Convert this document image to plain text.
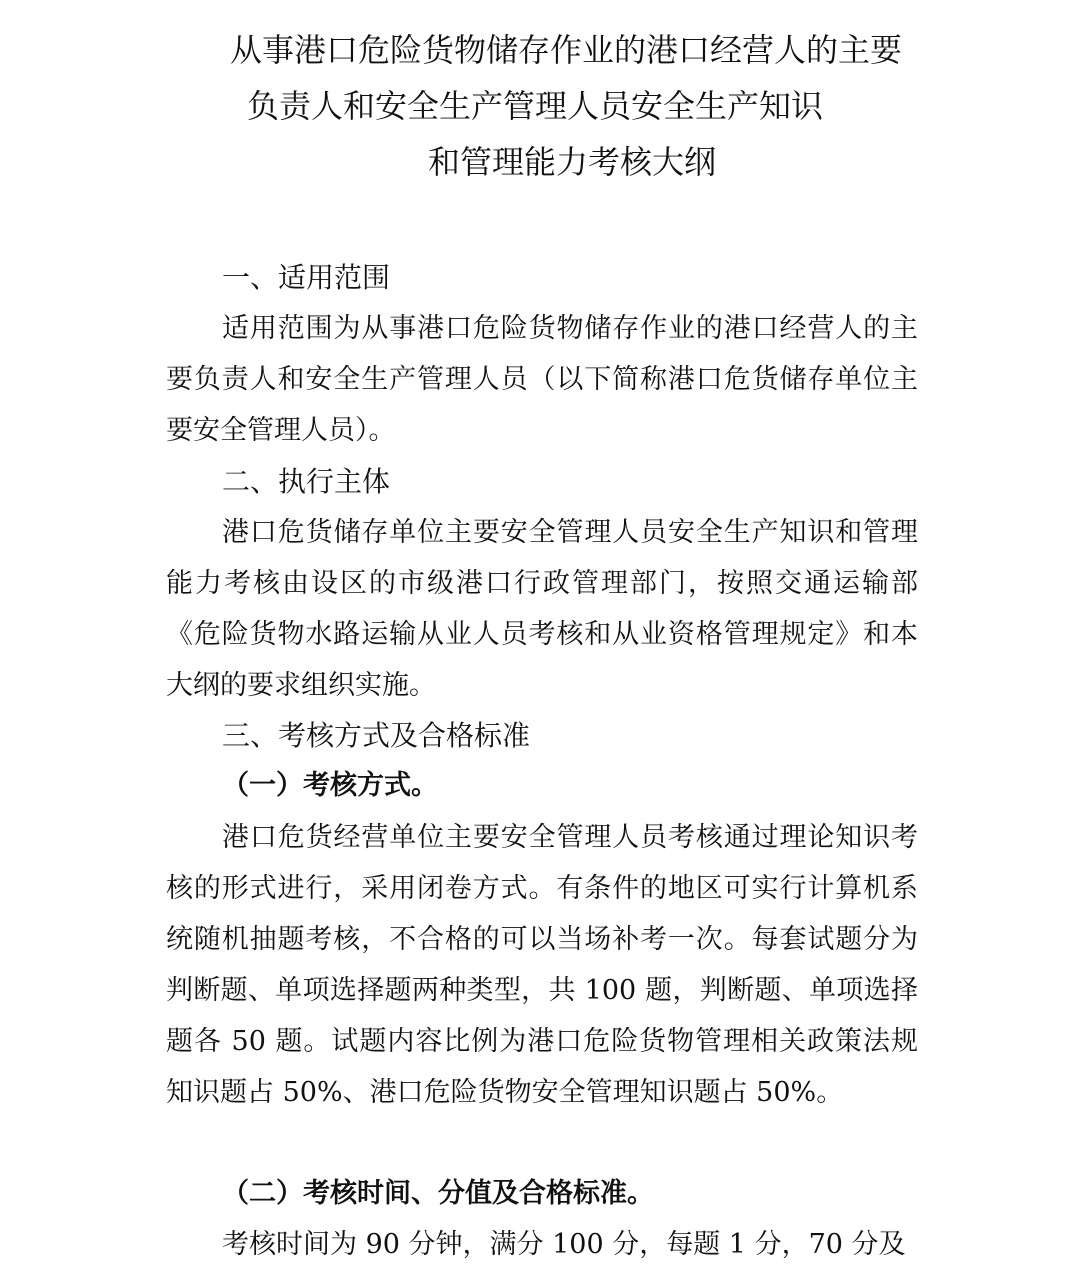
从事港口危险货物储存作业的港口经营人的主要
负责人和安全生产管理人员安全生产知识
和管理能力考核大纲
一、适用范围
适用范围为从事港口危险货物储存作业的港口经营人的主要负责人和安全生产管理人员（以下简称港口危货储存单位主要安全管理人员）。
二、执行主体
港口危货储存单位主要安全管理人员安全生产知识和管理能力考核由设区的市级港口行政管理部门，按照交通运输部《危险货物水路运输从业人员考核和从业资格管理规定》和本大纲的要求组织实施。
三、考核方式及合格标准
（一）考核方式。
港口危货经营单位主要安全管理人员考核通过理论知识考核的形式进行，采用闭卷方式。有条件的地区可实行计算机系统随机抽题考核，不合格的可以当场补考一次。每套试题分为判断题、单项选择题两种类型，共 100 题，判断题、单项选择题各 50 题。试题内容比例为港口危险货物管理相关政策法规知识题占 50%、港口危险货物安全管理知识题占 50%。
（二）考核时间、分值及合格标准。
考核时间为 90 分钟，满分 100 分，每题 1 分，70 分及
